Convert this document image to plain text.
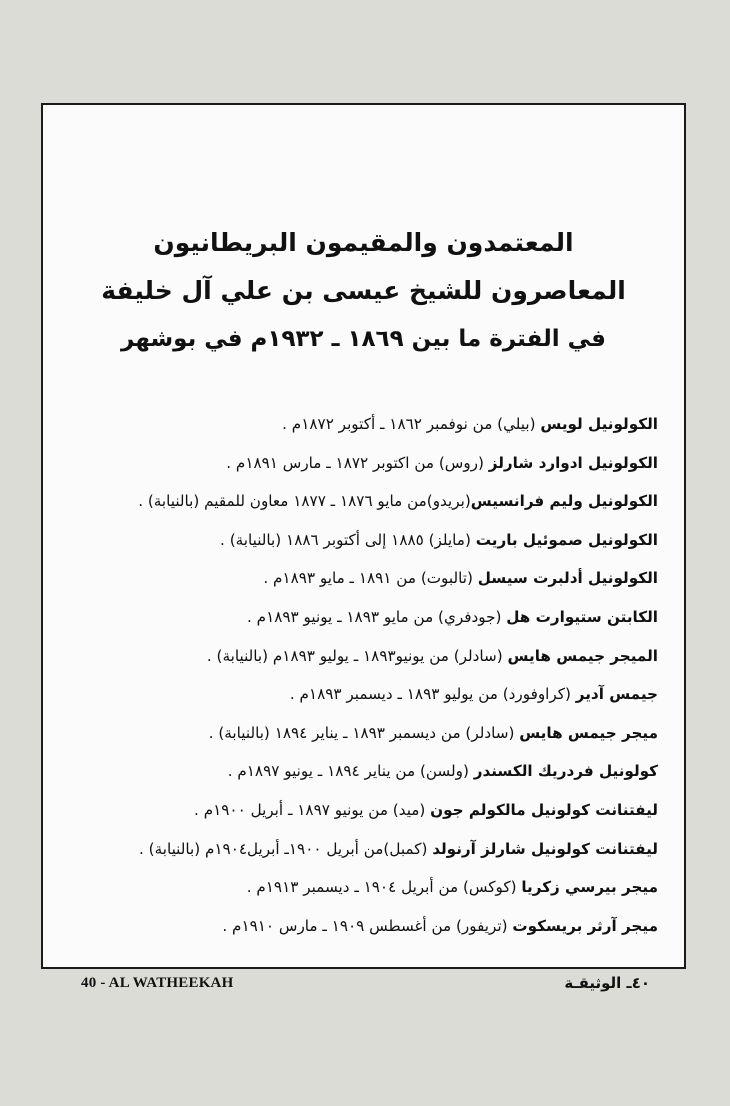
المعتمدون والمقيمون البريطانيون
المعاصرون للشيخ عيسى بن علي آل خليفة
في الفترة ما بين ١٨٦٩ ـ ١٩٣٢م في بوشهر
الكولونيل لويس (بيلي) من نوفمبر ١٨٦٢ ـ أكتوبر ١٨٧٢م .
الكولونيل ادوارد شارلز (روس) من اكتوبر ١٨٧٢ ـ مارس ١٨٩١م .
الكولونيل وليم فرانسيس(بريدو)من مايو ١٨٧٦ ـ ١٨٧٧ معاون للمقيم (بالنيابة) .
الكولونيل صموئيل باريت (مايلز) ١٨٨٥ إلى أكتوبر ١٨٨٦ (بالنيابة) .
الكولونيل أدلبرت سيسل (تالبوت) من ١٨٩١ ـ مايو ١٨٩٣م .
الكابتن ستيوارت هل (جودفري) من مايو ١٨٩٣ ـ يونيو ١٨٩٣م .
الميجر جيمس هايس (سادلر) من يونيو١٨٩٣ ـ يوليو ١٨٩٣م (بالنيابة) .
جيمس آدير (كراوفورد) من يوليو ١٨٩٣ ـ ديسمبر ١٨٩٣م .
ميجر جيمس هايس (سادلر) من ديسمبر ١٨٩٣ ـ يناير ١٨٩٤ (بالنيابة) .
كولونيل فردريك الكسندر (ولسن) من يناير ١٨٩٤ ـ يونيو ١٨٩٧م .
ليفتنانت كولونيل مالكولم جون (ميد) من يونيو ١٨٩٧ ـ أبريل ١٩٠٠م .
ليفتنانت كولونيل شارلز آرنولد (كمبل)من أبريل ١٩٠٠ـ أبريل١٩٠٤م (بالنيابة) .
ميجر بيرسي زكريا (كوكس) من أبريل ١٩٠٤ ـ ديسمبر ١٩١٣م .
ميجر آرثر بريسكوت (تريفور) من أغسطس ١٩٠٩ ـ مارس ١٩١٠م .
40 - AL WATHEEKAH	٤٠ـ الوثيقـة
